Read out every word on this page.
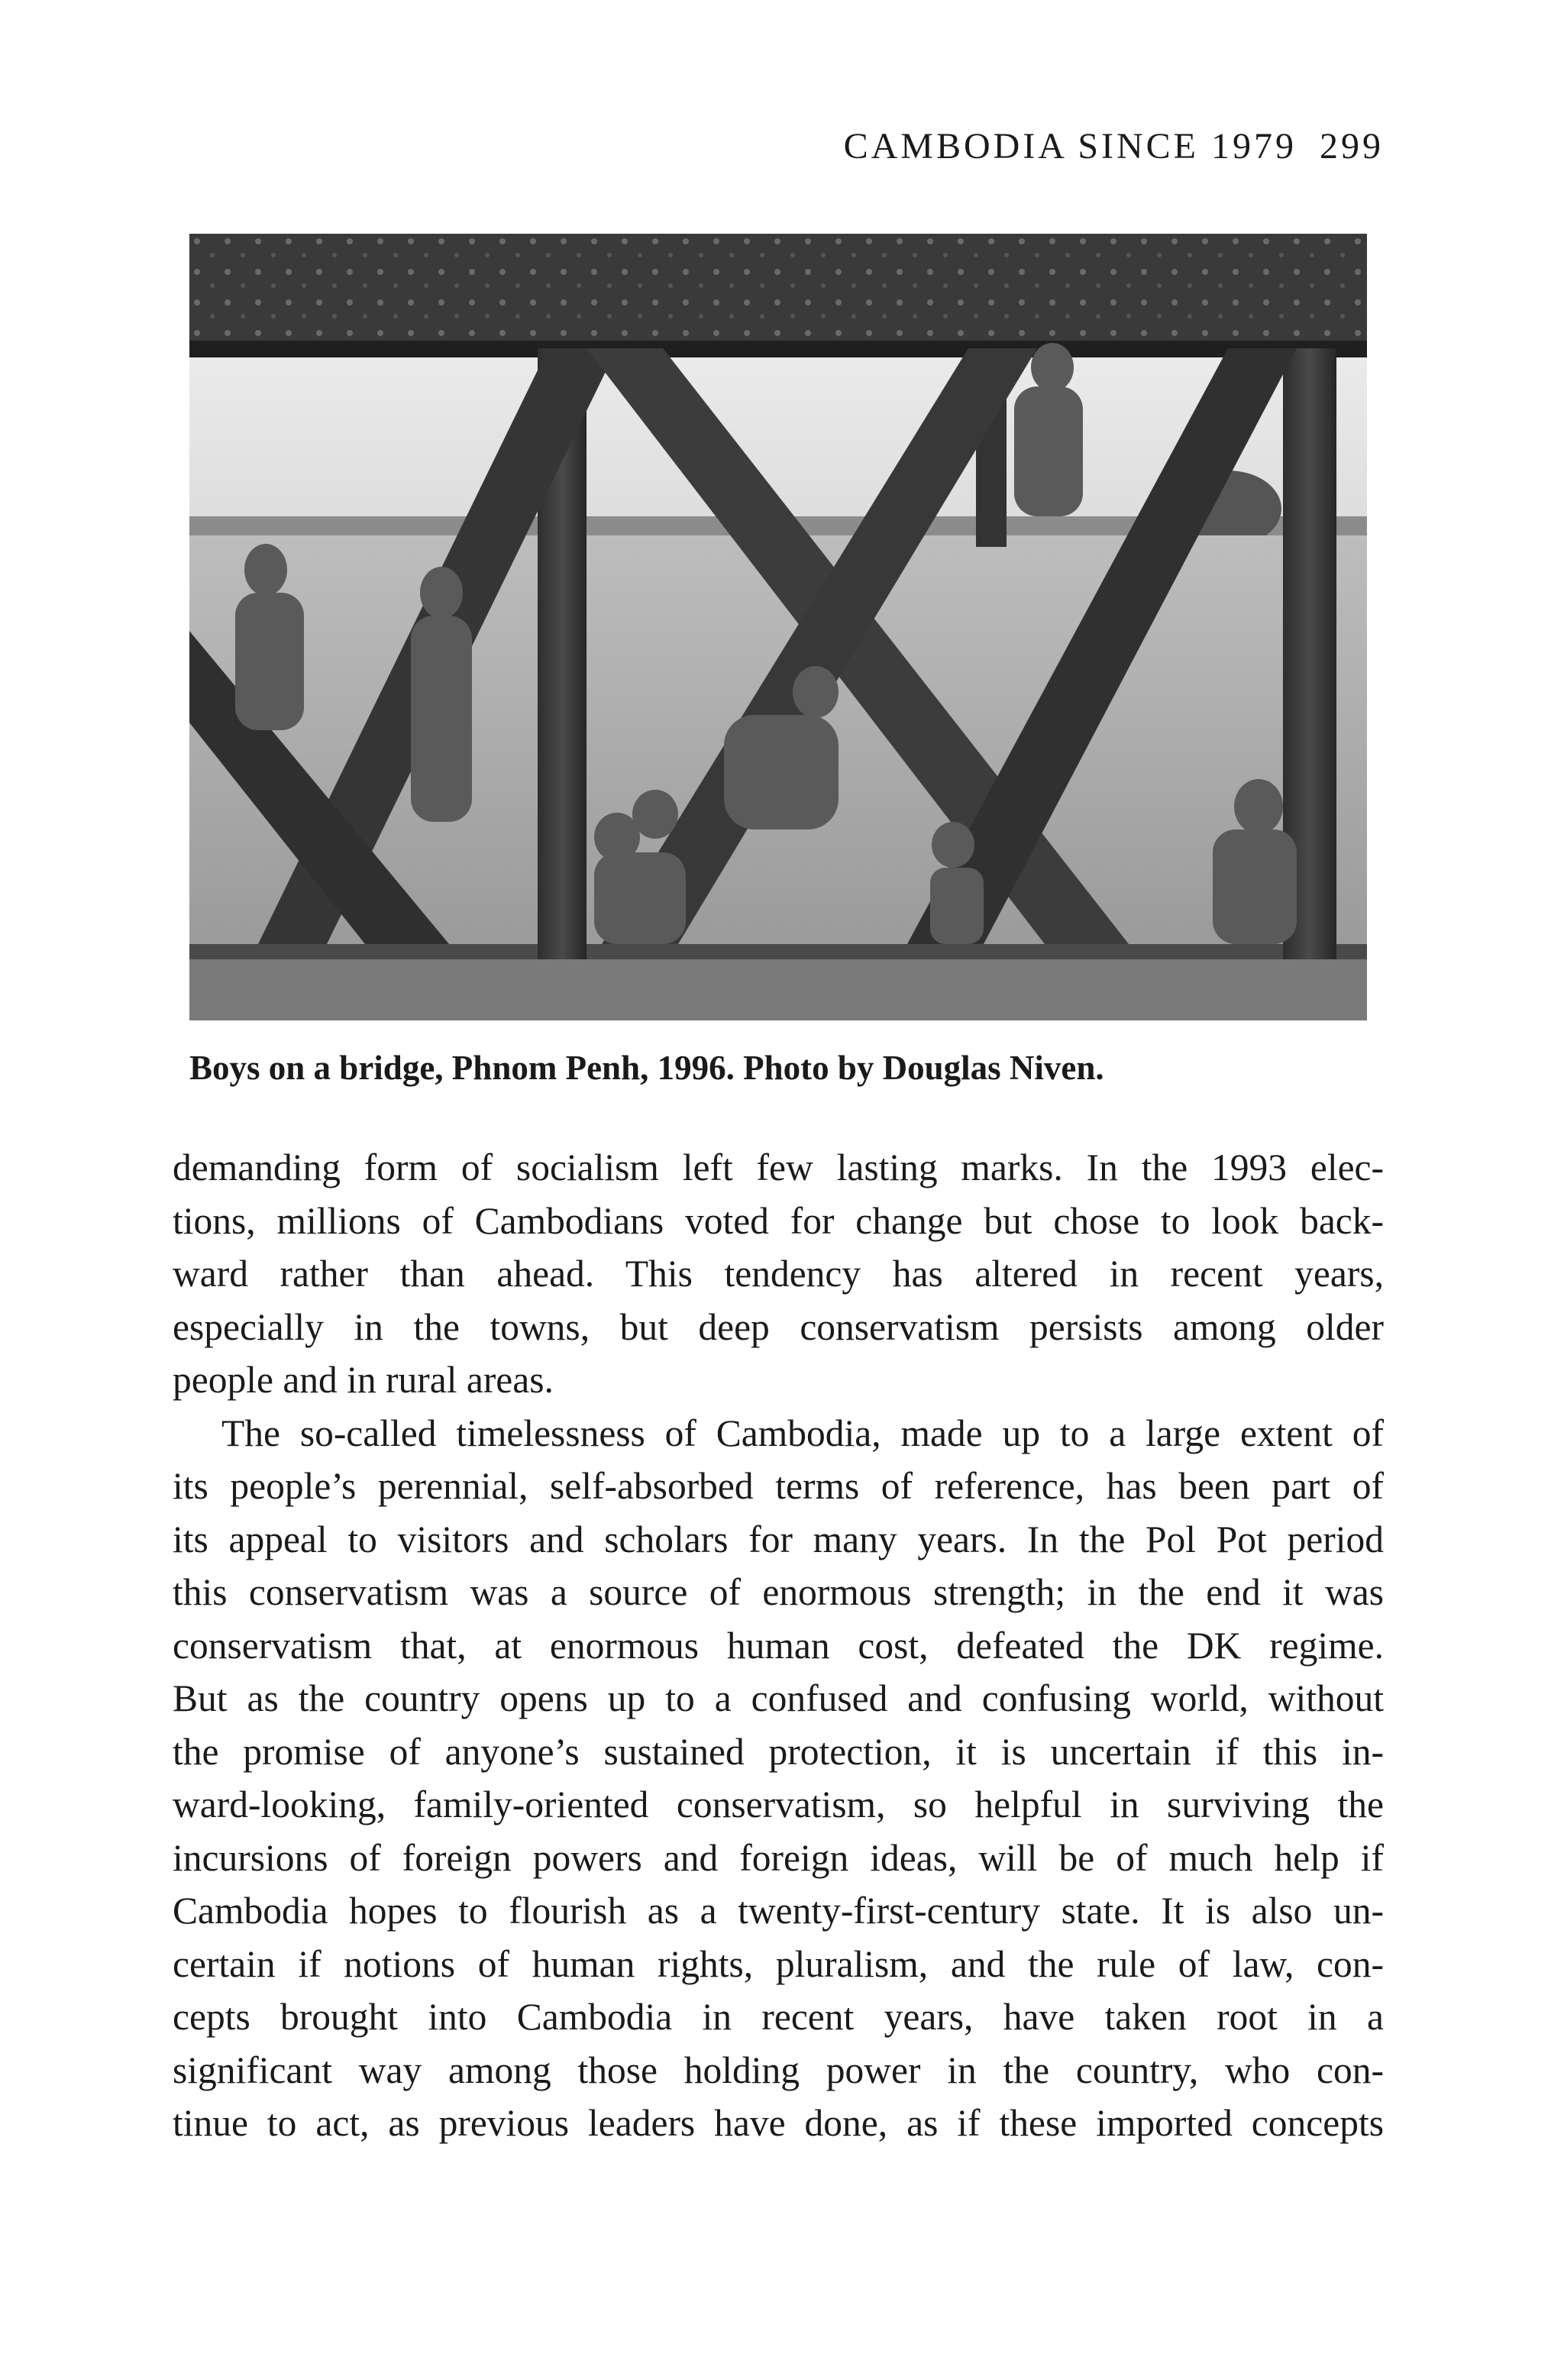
CAMBODIA SINCE 1979 299
Boys on a bridge, Phnom Penh, 1996. Photo by Douglas Niven.
demanding form of socialism left few lasting marks. In the 1993 elec-
tions, millions of Cambodians voted for change but chose to look back-
ward rather than ahead. This tendency has altered in recent years,
especially in the towns, but deep conservatism persists among older
people and in rural areas.
The so-called timelessness of Cambodia, made up to a large extent of
its people’s perennial, self-absorbed terms of reference, has been part of
its appeal to visitors and scholars for many years. In the Pol Pot period
this conservatism was a source of enormous strength; in the end it was
conservatism that, at enormous human cost, defeated the DK regime.
But as the country opens up to a confused and confusing world, without
the promise of anyone’s sustained protection, it is uncertain if this in-
ward-looking, family-oriented conservatism, so helpful in surviving the
incursions of foreign powers and foreign ideas, will be of much help if
Cambodia hopes to flourish as a twenty-first-century state. It is also un-
certain if notions of human rights, pluralism, and the rule of law, con-
cepts brought into Cambodia in recent years, have taken root in a
significant way among those holding power in the country, who con-
tinue to act, as previous leaders have done, as if these imported concepts
